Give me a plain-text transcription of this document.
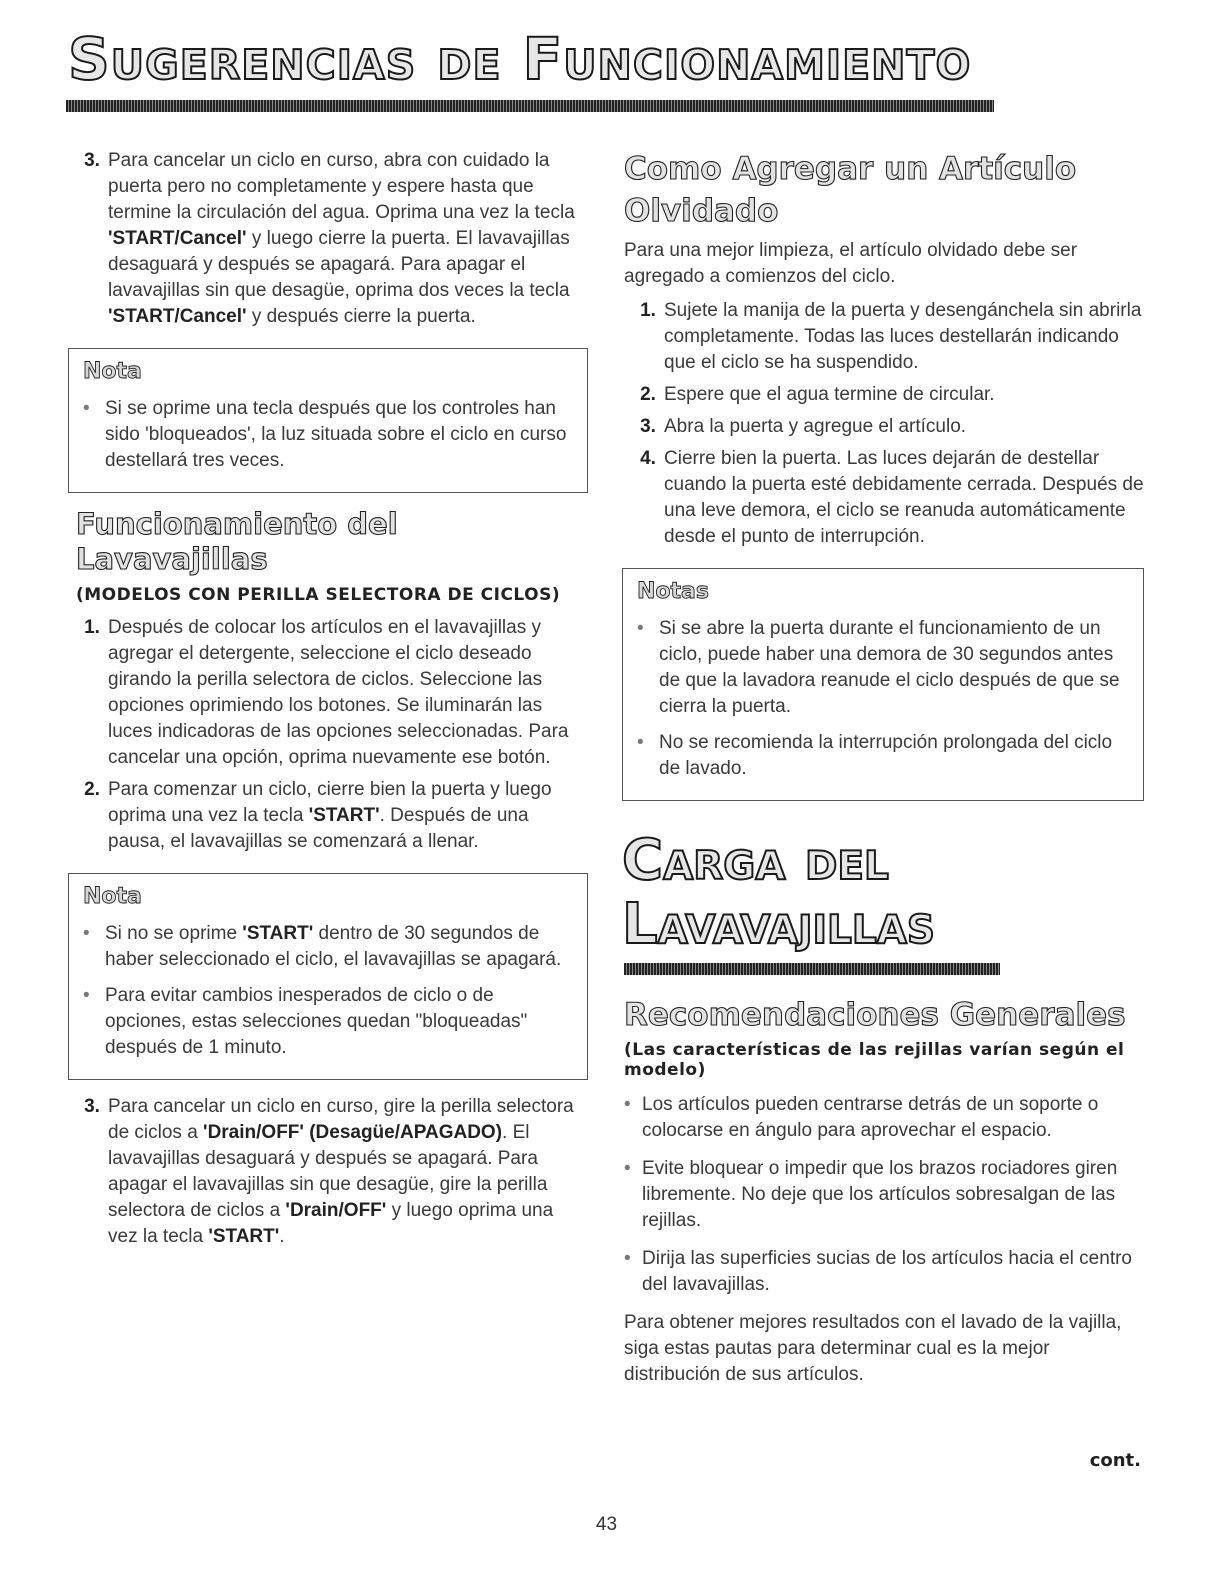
Sugerencias de Funcionamiento
3. Para cancelar un ciclo en curso, abra con cuidado la puerta pero no completamente y espere hasta que termine la circulación del agua. Oprima una vez la tecla 'START/Cancel' y luego cierre la puerta. El lavavajillas desaguará y después se apagará. Para apagar el lavavajillas sin que desagüe, oprima dos veces la tecla 'START/Cancel' y después cierre la puerta.
Nota
• Si se oprime una tecla después que los controles han sido 'bloqueados', la luz situada sobre el ciclo en curso destellará tres veces.
Funcionamiento del Lavavajillas
(MODELOS CON PERILLA SELECTORA DE CICLOS)
1. Después de colocar los artículos en el lavavajillas y agregar el detergente, seleccione el ciclo deseado girando la perilla selectora de ciclos. Seleccione las opciones oprimiendo los botones. Se iluminarán las luces indicadoras de las opciones seleccionadas. Para cancelar una opción, oprima nuevamente ese botón.
2. Para comenzar un ciclo, cierre bien la puerta y luego oprima una vez la tecla 'START'. Después de una pausa, el lavavajillas se comenzará a llenar.
Nota
• Si no se oprime 'START' dentro de 30 segundos de haber seleccionado el ciclo, el lavavajillas se apagará.
• Para evitar cambios inesperados de ciclo o de opciones, estas selecciones quedan "bloqueadas" después de 1 minuto.
3. Para cancelar un ciclo en curso, gire la perilla selectora de ciclos a 'Drain/OFF' (Desagüe/APAGADO). El lavavajillas desaguará y después se apagará. Para apagar el lavavajillas sin que desagüe, gire la perilla selectora de ciclos a 'Drain/OFF' y luego oprima una vez la tecla 'START'.
Como Agregar un Artículo Olvidado

Para una mejor limpieza, el artículo olvidado debe ser agregado a comienzos del ciclo.

1. Sujete la manija de la puerta y desengánchela sin abrirla completamente. Todas las luces destellarán indicando que el ciclo se ha suspendido.
2. Espere que el agua termine de circular.
3. Abra la puerta y agregue el artículo.
4. Cierre bien la puerta. Las luces dejarán de destellar cuando la puerta esté debidamente cerrada. Después de una leve demora, el ciclo se reanuda automáticamente desde el punto de interrupción.
Notas
• Si se abre la puerta durante el funcionamiento de un ciclo, puede haber una demora de 30 segundos antes de que la lavadora reanude el ciclo después de que se cierra la puerta.
• No se recomienda la interrupción prolongada del ciclo de lavado.
Carga del
Lavavajillas
Recomendaciones Generales
(Las características de las rejillas varían según el modelo)
• Los artículos pueden centrarse detrás de un soporte o colocarse en ángulo para aprovechar el espacio.
• Evite bloquear o impedir que los brazos rociadores giren libremente. No deje que los artículos sobresalgan de las rejillas.
• Dirija las superficies sucias de los artículos hacia el centro del lavavajillas.

Para obtener mejores resultados con el lavado de la vajilla, siga estas pautas para determinar cual es la mejor distribución de sus artículos.

cont.
43
